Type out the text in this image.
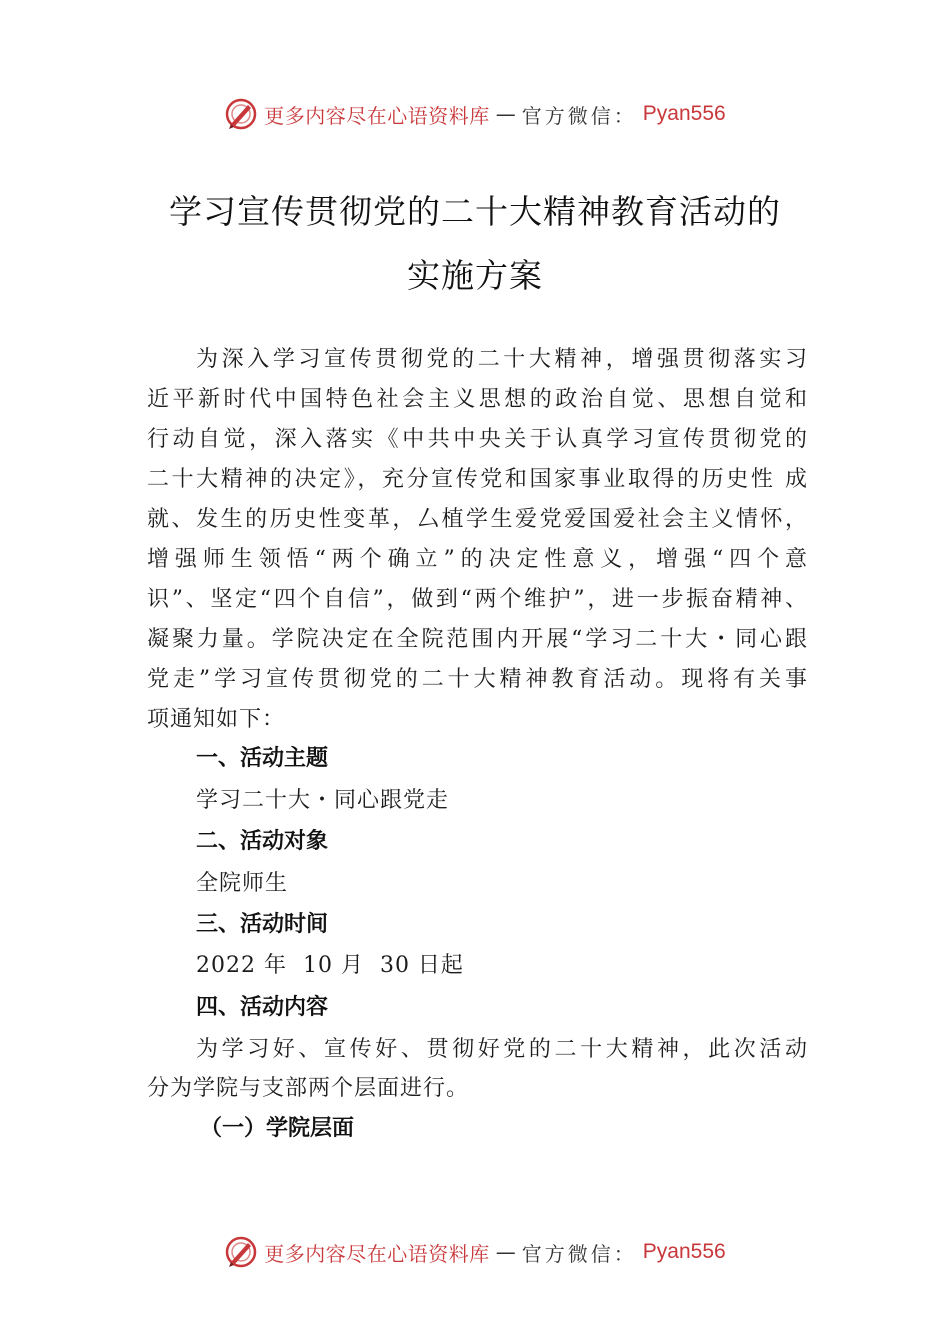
更多内容尽在心语资料库 — 官方微信： Pyan556
学习宣传贯彻党的二十大精神教育活动的
实施方案
为深入学习宣传贯彻党的二十大精神，增强贯彻落实习
近平新时代中国特色社会主义思想的政治自觉、思想自觉和
行动自觉，深入落实《中共中央关于认真学习宣传贯彻党的
二十大精神的决定》，充分宣传党和国家事业取得的历史性 成
就、发生的历史性变革，厶植学生爱党爱国爱社会主义情怀，
增强师生领悟“两个确立”的决定性意义，增强“四个意
识”、坚定“四个自信”，做到“两个维护”，进一步振奋精神、
凝聚力量。学院决定在全院范围内开展“学习二十大・同心跟
党走”学习宣传贯彻党的二十大精神教育活动。现将有关事
项通知如下：
一、活动主题
学习二十大・同心跟党走
二、活动对象
全院师生
三、活动时间
2022 年  10 月  30 日起
四、活动内容
为学习好、宣传好、贯彻好党的二十大精神，此次活动
分为学院与支部两个层面进行。
（一）学院层面
更多内容尽在心语资料库 — 官方微信： Pyan556
